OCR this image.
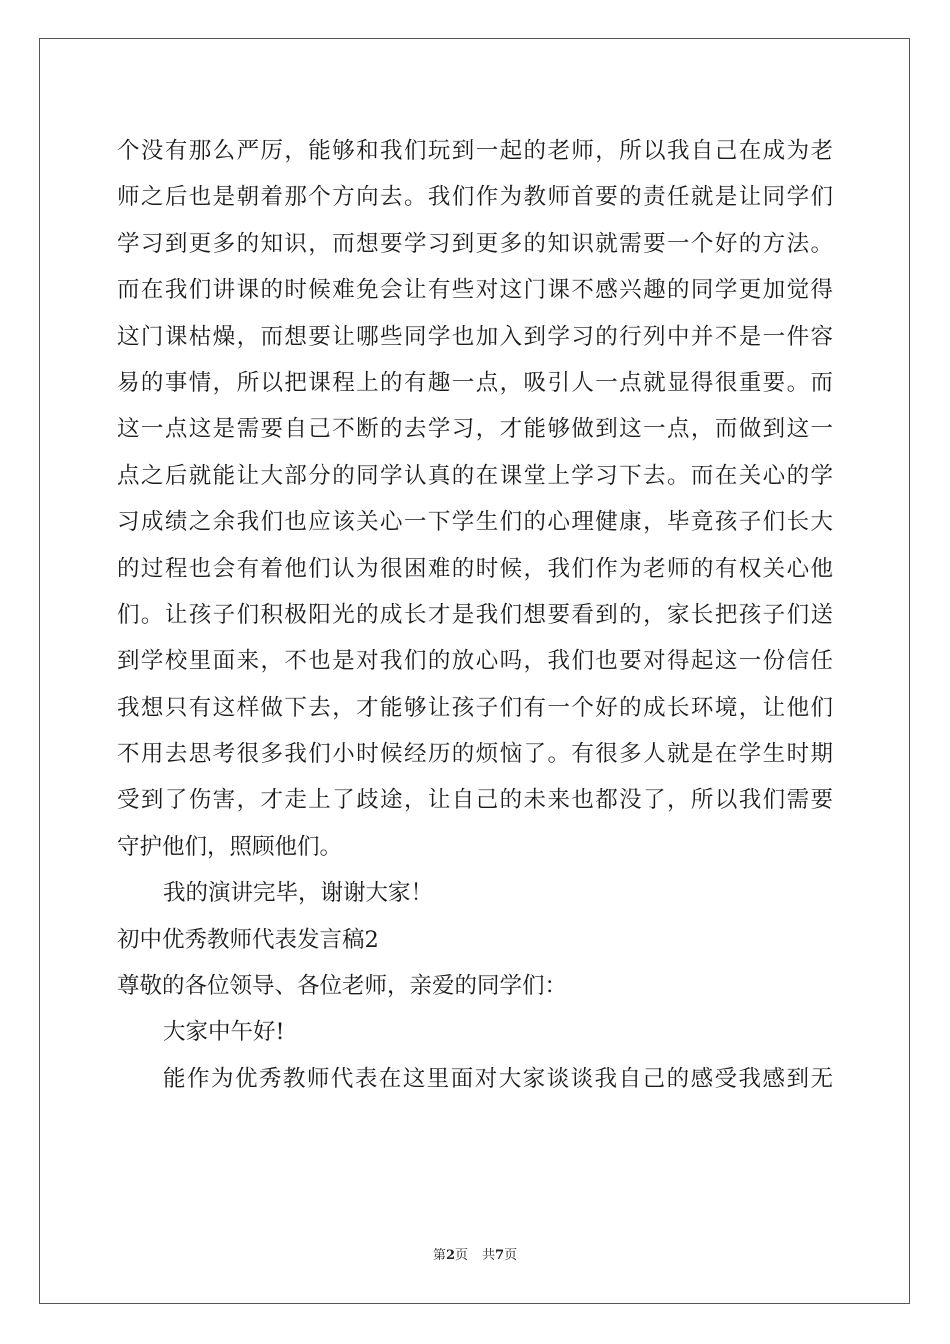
个没有那么严厉，能够和我们玩到一起的老师，所以我自己在成为老
师之后也是朝着那个方向去。我们作为教师首要的责任就是让同学们
学习到更多的知识，而想要学习到更多的知识就需要一个好的方法。
而在我们讲课的时候难免会让有些对这门课不感兴趣的同学更加觉得
这门课枯燥，而想要让哪些同学也加入到学习的行列中并不是一件容
易的事情，所以把课程上的有趣一点，吸引人一点就显得很重要。而
这一点这是需要自己不断的去学习，才能够做到这一点，而做到这一
点之后就能让大部分的同学认真的在课堂上学习下去。而在关心的学
习成绩之余我们也应该关心一下学生们的心理健康，毕竟孩子们长大
的过程也会有着他们认为很困难的时候，我们作为老师的有权关心他
们。让孩子们积极阳光的成长才是我们想要看到的，家长把孩子们送
到学校里面来，不也是对我们的放心吗，我们也要对得起这一份信任
我想只有这样做下去，才能够让孩子们有一个好的成长环境，让他们
不用去思考很多我们小时候经历的烦恼了。有很多人就是在学生时期
受到了伤害，才走上了歧途，让自己的未来也都没了，所以我们需要
守护他们，照顾他们。
我的演讲完毕，谢谢大家！
初中优秀教师代表发言稿2
尊敬的各位领导、各位老师，亲爱的同学们：
大家中午好!
能作为优秀教师代表在这里面对大家谈谈我自己的感受我感到无
第2页 共7页
